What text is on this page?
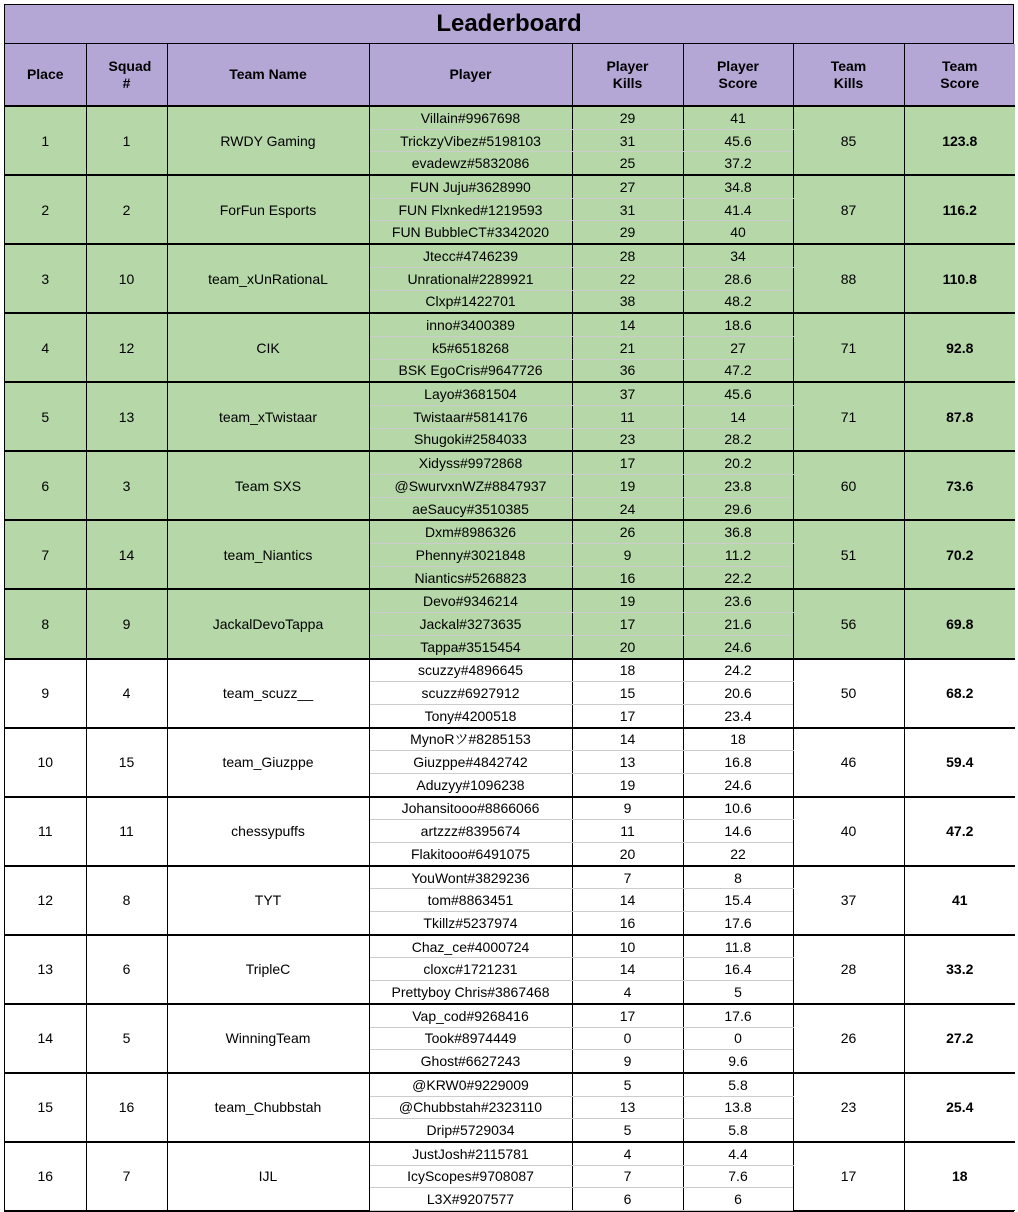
Leaderboard
Place	Squad #	Team Name	Player	Player Kills	Player Score	Team Kills	Team Score
1	1	RWDY Gaming	Villain#9967698	29	41	85	123.8
			TrickzyVibez#5198103	31	45.6		
			evadewz#5832086	25	37.2		
2	2	ForFun Esports	FUN Juju#3628990	27	34.8	87	116.2
			FUN Flxnked#1219593	31	41.4		
			FUN BubbleCT#3342020	29	40		
3	10	team_xUnRationaL	Jtecc#4746239	28	34	88	110.8
			Unrational#2289921	22	28.6		
			Clxp#1422701	38	48.2		
4	12	CIK	inno#3400389	14	18.6	71	92.8
			k5#6518268	21	27		
			BSK EgoCris#9647726	36	47.2		
5	13	team_xTwistaar	Layo#3681504	37	45.6	71	87.8
			Twistaar#5814176	11	14		
			Shugoki#2584033	23	28.2		
6	3	Team SXS	Xidyss#9972868	17	20.2	60	73.6
			@SwurvxnWZ#8847937	19	23.8		
			aeSaucy#3510385	24	29.6		
7	14	team_Niantics	Dxm#8986326	26	36.8	51	70.2
			Phenny#3021848	9	11.2		
			Niantics#5268823	16	22.2		
8	9	JackalDevoTappa	Devo#9346214	19	23.6	56	69.8
			Jackal#3273635	17	21.6		
			Tappa#3515454	20	24.6		
9	4	team_scuzz__	scuzzy#4896645	18	24.2	50	68.2
			scuzz#6927912	15	20.6		
			Tony#4200518	17	23.4		
10	15	team_Giuzppe	MynoRツ#8285153	14	18	46	59.4
			Giuzppe#4842742	13	16.8		
			Aduzyy#1096238	19	24.6		
11	11	chessypuffs	Johansitooo#8866066	9	10.6	40	47.2
			artzzz#8395674	11	14.6		
			Flakitooo#6491075	20	22		
12	8	TYT	YouWont#3829236	7	8	37	41
			tom#8863451	14	15.4		
			Tkillz#5237974	16	17.6		
13	6	TripleC	Chaz_ce#4000724	10	11.8	28	33.2
			cloxc#1721231	14	16.4		
			Prettyboy Chris#3867468	4	5		
14	5	WinningTeam	Vap_cod#9268416	17	17.6	26	27.2
			Took#8974449	0	0		
			Ghost#6627243	9	9.6		
15	16	team_Chubbstah	@KRW0#9229009	5	5.8	23	25.4
			@Chubbstah#2323110	13	13.8		
			Drip#5729034	5	5.8		
16	7	IJL	JustJosh#2115781	4	4.4	17	18
			IcyScopes#9708087	7	7.6		
			L3X#9207577	6	6		
